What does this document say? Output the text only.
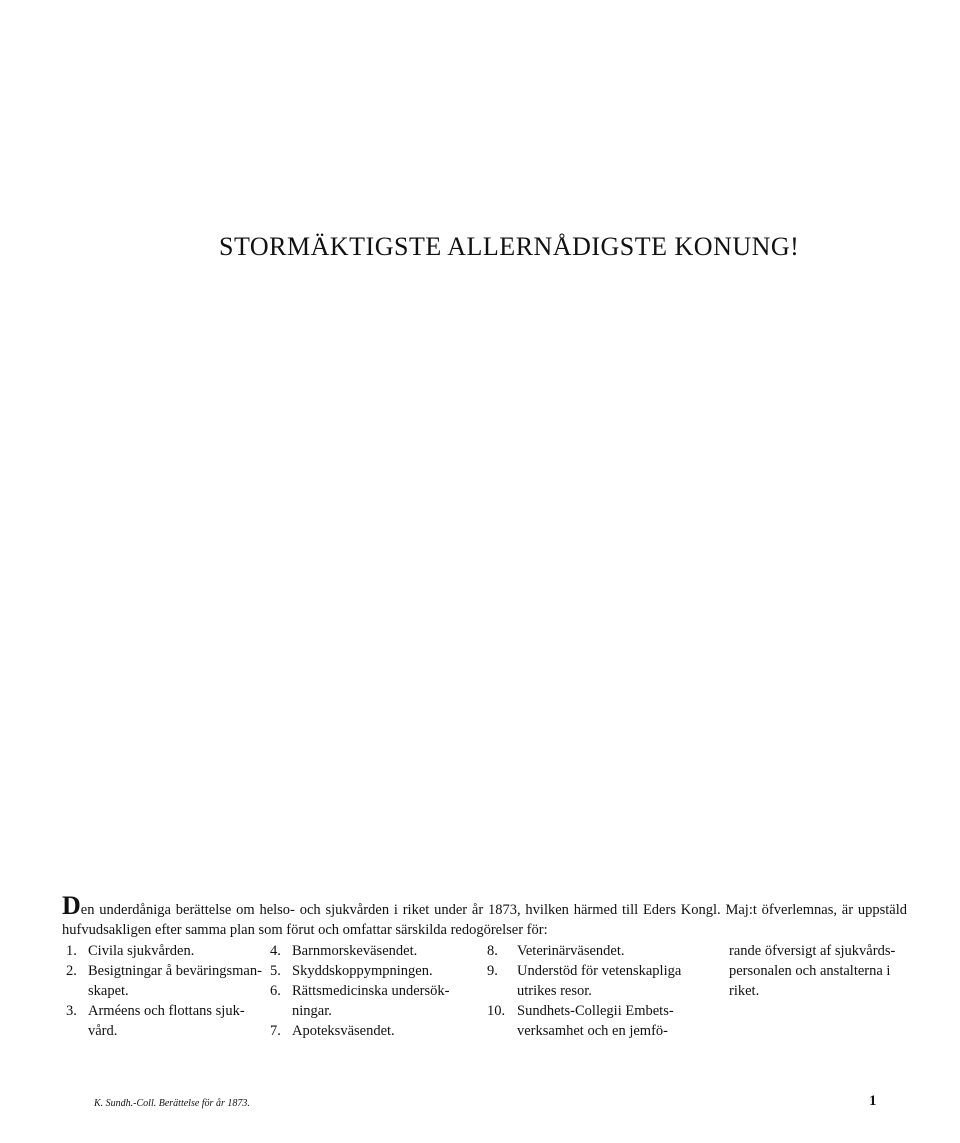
STORMÄKTIGSTE ALLERNÅDIGSTE KONUNG!
Den underdåniga berättelse om helso- och sjukvården i riket under år 1873, hvilken härmed till Eders Kongl. Maj:t öfverlemnas, är uppstäld hufvudsakligen efter samma plan som förut och omfattar särskilda redogörelser för:
1. Civila sjukvården.
2. Besigtningar å beväringsman-
skapet.
3. Arméens och flottans sjuk-
vård.
4. Barnmorskeväsendet.
5. Skyddskoppympningen.
6. Rättsmedicinska undersök-
ningar.
7. Apoteksväsendet.
8. Veterinärväsendet.
9. Understöd för vetenskapliga
utrikes resor.
10. Sundhets-Collegii Embets-
verksamhet och en jemfö-
rande öfversigt af sjukvårds-
personalen och anstalterna i
riket.
K. Sundh.-Coll. Berättelse för år 1873.	1
